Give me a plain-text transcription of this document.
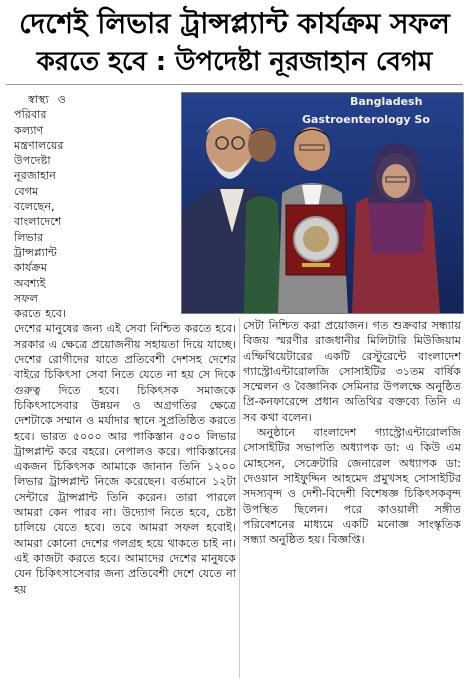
দেশেই লিভার ট্রান্সপ্ল্যান্ট কার্যক্রম সফল
করতে হবে : উপদেষ্টা নূরজাহান বেগম
Bangladesh
Gastroenterology So

স্বাস্থ্য ও পরিবার কল্যাণ মন্ত্রণালয়ের উপদেষ্টা নূরজাহান বেগম বলেছেন, বাংলাদেশে লিভার ট্রান্সপ্ল্যান্ট কার্যক্রম অবশ্যই সফল করতে হবে। দেশের মানুষের জন্য এই সেবা নিশ্চিত করতে হবে। সরকার এ ক্ষেত্রে প্রয়োজনীয় সহায়তা দিয়ে যাচ্ছে। দেশের রোগীদের যাতে প্রতিবেশী দেশসহ দেশের বাইরে চিকিৎসা সেবা নিতে যেতে না হয় সে দিকে গুরুত্ব দিতে হবে। চিকিৎসক সমাজকে চিকিৎসাসেবার উন্নয়ন ও অগ্রগতির ক্ষেত্রে দেশটাকে সম্মান ও মর্যাদার স্থানে সুপ্রতিষ্ঠিত করতে হবে। ভারত ৫০০০ আর পাকিস্তান ৫০০ লিভার ট্রান্সপ্লান্ট করে বহরে। নেপালও করে। পাকিস্তানের একজন চিকিৎসক আমাকে জানান তিনি ১২০০ লিভার ট্রান্সপ্লান্ট নিজে করেছেন। বর্তমানে ১২টা সেন্টারে ট্রান্সপ্লান্ট তিনি করেন। তারা পারলে আমরা কেন পারব না। উদ্যোগ নিতে হবে, চেষ্টা চালিয়ে যেতে হবে। তবে আমরা সফল হবোই। আমরা কোনো দেশের গলগ্রহ হয়ে থাকতে চাই না। এই কাজটা করতে হবে। আমাদের দেশের মানুষকে যেন চিকিৎসাসেবার জন্য প্রতিবেশী দেশে যেতে না হয়

সেটা নিশ্চিত করা প্রয়োজন। গত শুক্রবার সন্ধ্যায় বিজয় স্মরণীর রাজধানীর মিলিটারি মিউজিয়াম এম্ফিথিয়েটারের একটি রেস্টুরেন্টে বাংলাদেশ গ্যাস্ট্রোএন্টারোলজি সোসাইটির ৩১তম বার্ষিক সম্মেলন ও বৈজ্ঞানিক সেমিনার উপলক্ষে অনুষ্ঠিত প্রি-কনফারেন্সে প্রধান অতিথির বক্তব্যে তিনি এ সব কথা বলেন।

অনুষ্ঠানে বাংলাদেশ গ্যাস্ট্রোএন্টারোলজি সোসাইটির সভাপতি অধ্যাপক ডা: এ কিউ এম মোহসেন, সেক্রেটারি জেনারেল অধ্যাপক ডা: দেওয়ান সাইফুদ্দিন আহমেদ প্রমুখসহ সোসাইটির সদস্যবৃন্দ ও দেশী-বিদেশী বিশেষজ্ঞ চিকিৎসকবৃন্দ উপস্থিত ছিলেন। পরে কাওয়ালী সঙ্গীত পরিবেশনের মাধ্যমে একটি মনোজ্ঞ সাংস্কৃতিক সন্ধ্যা অনুষ্ঠিত হয়। বিজ্ঞপ্তি।
